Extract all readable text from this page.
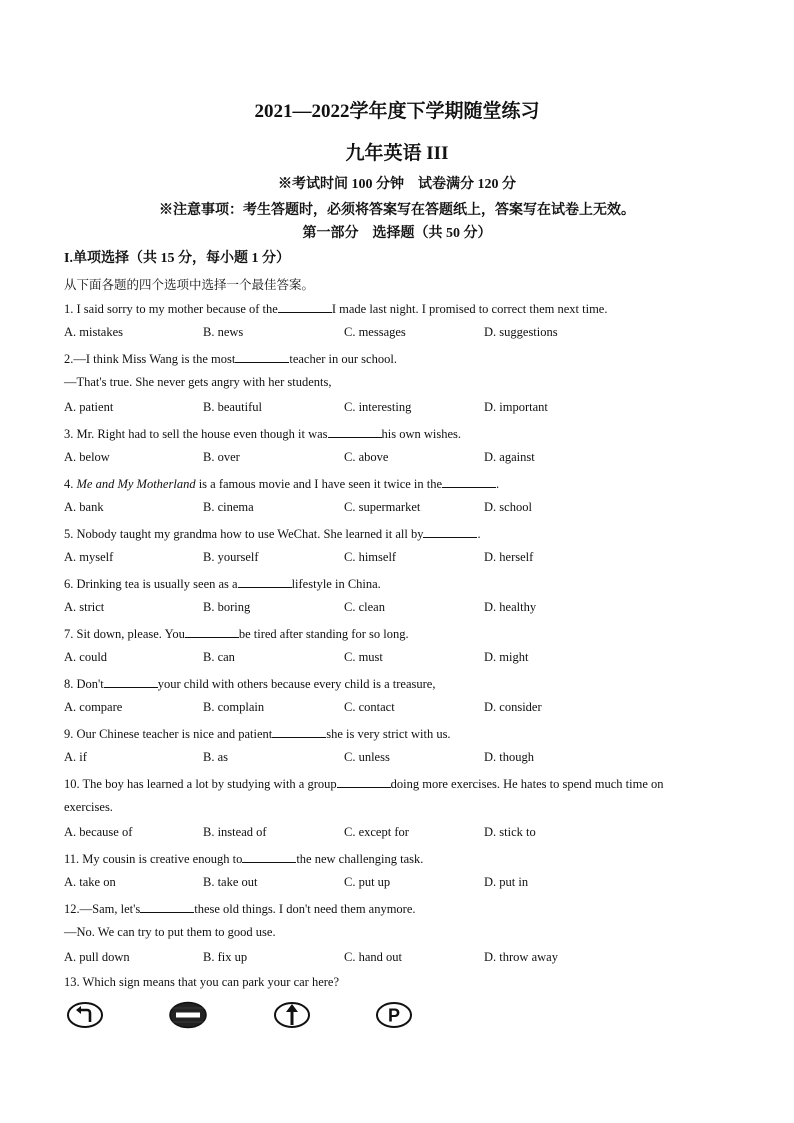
2021—2022学年度下学期随堂练习
九年英语 III
※考试时间 100 分钟　试卷满分 120 分
※注意事项：考生答题时，必须将答案写在答题纸上，答案写在试卷上无效。
第一部分　选择题（共 50 分）
I.单项选择（共 15 分，每小题 1 分）
从下面各题的四个选项中选择一个最佳答案。
1. I said sorry to my mother because of the	I made last night. I promised to correct them next time.
A. mistakes	B. news	C. messages	D. suggestions
2.—I think Miss Wang is the most	teacher in our school.
—That's true. She never gets angry with her students,
A. patient	B. beautiful	C. interesting	D. important
3. Mr. Right had to sell the house even though it was	his own wishes.
A. below	B. over	C. above	D. against
4. Me and My Motherland is a famous movie and I have seen it twice in the	.
A. bank	B. cinema	C. supermarket	D. school
5. Nobody taught my grandma how to use WeChat. She learned it all by	.
A. myself	B. yourself	C. himself	D. herself
6. Drinking tea is usually seen as a	lifestyle in China.
A. strict	B. boring	C. clean	D. healthy
7. Sit down, please. You	be tired after standing for so long.
A. could	B. can	C. must	D. might
8. Don't	your child with others because every child is a treasure,
A. compare	B. complain	C. contact	D. consider
9. Our Chinese teacher is nice and patient	she is very strict with us.
A. if	B. as	C. unless	D. though
10. The boy has learned a lot by studying with a group	doing more exercises. He hates to spend much time on
exercises.
A. because of	B. instead of	C. except for	D. stick to
11. My cousin is creative enough to	the new challenging task.
A. take on	B. take out	C. put up	D. put in
12.—Sam, let's	these old things. I don't need them anymore.
—No. We can try to put them to good use.
A. pull down	B. fix up	C. hand out	D. throw away
13. Which sign means that you can park your car here?
P
